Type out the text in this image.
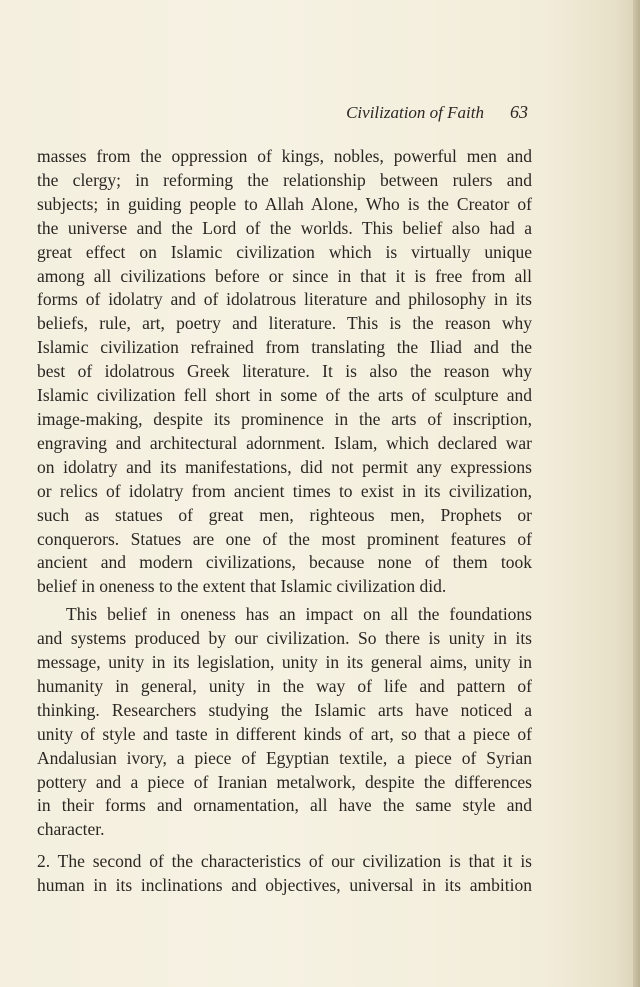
Civilization of Faith 63
masses from the oppression of kings, nobles, powerful men and
the clergy; in reforming the relationship between rulers and
subjects; in guiding people to Allah Alone, Who is the Creator of
the universe and the Lord of the worlds. This belief also had a
great effect on Islamic civilization which is virtually unique
among all civilizations before or since in that it is free from all
forms of idolatry and of idolatrous literature and philosophy in its
beliefs, rule, art, poetry and literature. This is the reason why
Islamic civilization refrained from translating the Iliad and the
best of idolatrous Greek literature. It is also the reason why
Islamic civilization fell short in some of the arts of sculpture and
image-making, despite its prominence in the arts of inscription,
engraving and architectural adornment. Islam, which declared war
on idolatry and its manifestations, did not permit any expressions
or relics of idolatry from ancient times to exist in its civilization,
such as statues of great men, righteous men, Prophets or
conquerors. Statues are one of the most prominent features of
ancient and modern civilizations, because none of them took
belief in oneness to the extent that Islamic civilization did.
This belief in oneness has an impact on all the foundations
and systems produced by our civilization. So there is unity in its
message, unity in its legislation, unity in its general aims, unity in
humanity in general, unity in the way of life and pattern of
thinking. Researchers studying the Islamic arts have noticed a
unity of style and taste in different kinds of art, so that a piece of
Andalusian ivory, a piece of Egyptian textile, a piece of Syrian
pottery and a piece of Iranian metalwork, despite the differences
in their forms and ornamentation, all have the same style and
character.
2. The second of the characteristics of our civilization is that it is
human in its inclinations and objectives, universal in its ambition
